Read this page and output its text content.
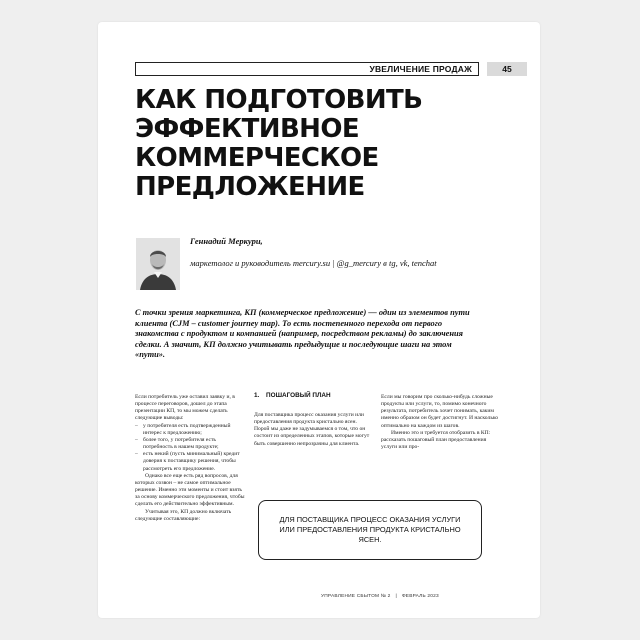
УВЕЛИЧЕНИЕ ПРОДАЖ	45
КАК ПОДГОТОВИТЬ
ЭФФЕКТИВНОЕ
КОММЕРЧЕСКОЕ
ПРЕДЛОЖЕНИЕ
Геннадий Меркури,
маркетолог и руководитель mercury.su | @g_mercury в tg, vk, tenchat

С точки зрения маркетинга, КП (коммерческое предложение) — один из элементов пути клиента (CJM – customer journey map). То есть постепенного перехода от первого знакомства с продуктом и компанией (например, посредством рекламы) до заключения сделки. А значит, КП должно учитывать предыдущие и последующие шаги на этом «пути».

Если потребитель уже оставил заявку и, в процессе переговоров, дошел до этапа презентации КП, то мы можем сделать следующие выводы:

– у потребителя есть подтвержденный интерес к предложению;
– более того, у потребителя есть потребность в нашем продукте;
– есть некий (пусть минимальный) кредит доверия к поставщику решения, чтобы рассмотреть его предложение.

Однако все еще есть ряд вопросов, для которых созвон – не самое оптимальное решение. Именно эти моменты и стоит взять за основу коммерческого предложения, чтобы сделать его действительно эффективным.

Учитывая это, КП должно включать следующие составляющие:

1. ПОШАГОВЫЙ ПЛАН

Для поставщика процесс оказания услуги или предоставления продукта кристально ясен. Порой мы даже не задумываемся о том, что он состоит из определенных этапов, которые могут быть совершенно непрозрачны для клиента.

Если мы говорим про сколько-нибудь сложные продукты или услуги, то, помимо конечного результата, потребитель хочет понимать, каким именно образом он будет достигнут. И насколько оптимально на каждом из шагов.

Именно это и требуется отобразить в КП: рассказать пошаговый план предоставления услуги или про-

ДЛЯ ПОСТАВЩИКА ПРОЦЕСС ОКАЗАНИЯ УСЛУГИ ИЛИ ПРЕДОСТАВЛЕНИЯ ПРОДУКТА КРИСТАЛЬНО ЯСЕН.
УПРАВЛЕНИЕ СБЫТОМ № 2 | ФЕВРАЛЬ 2023
